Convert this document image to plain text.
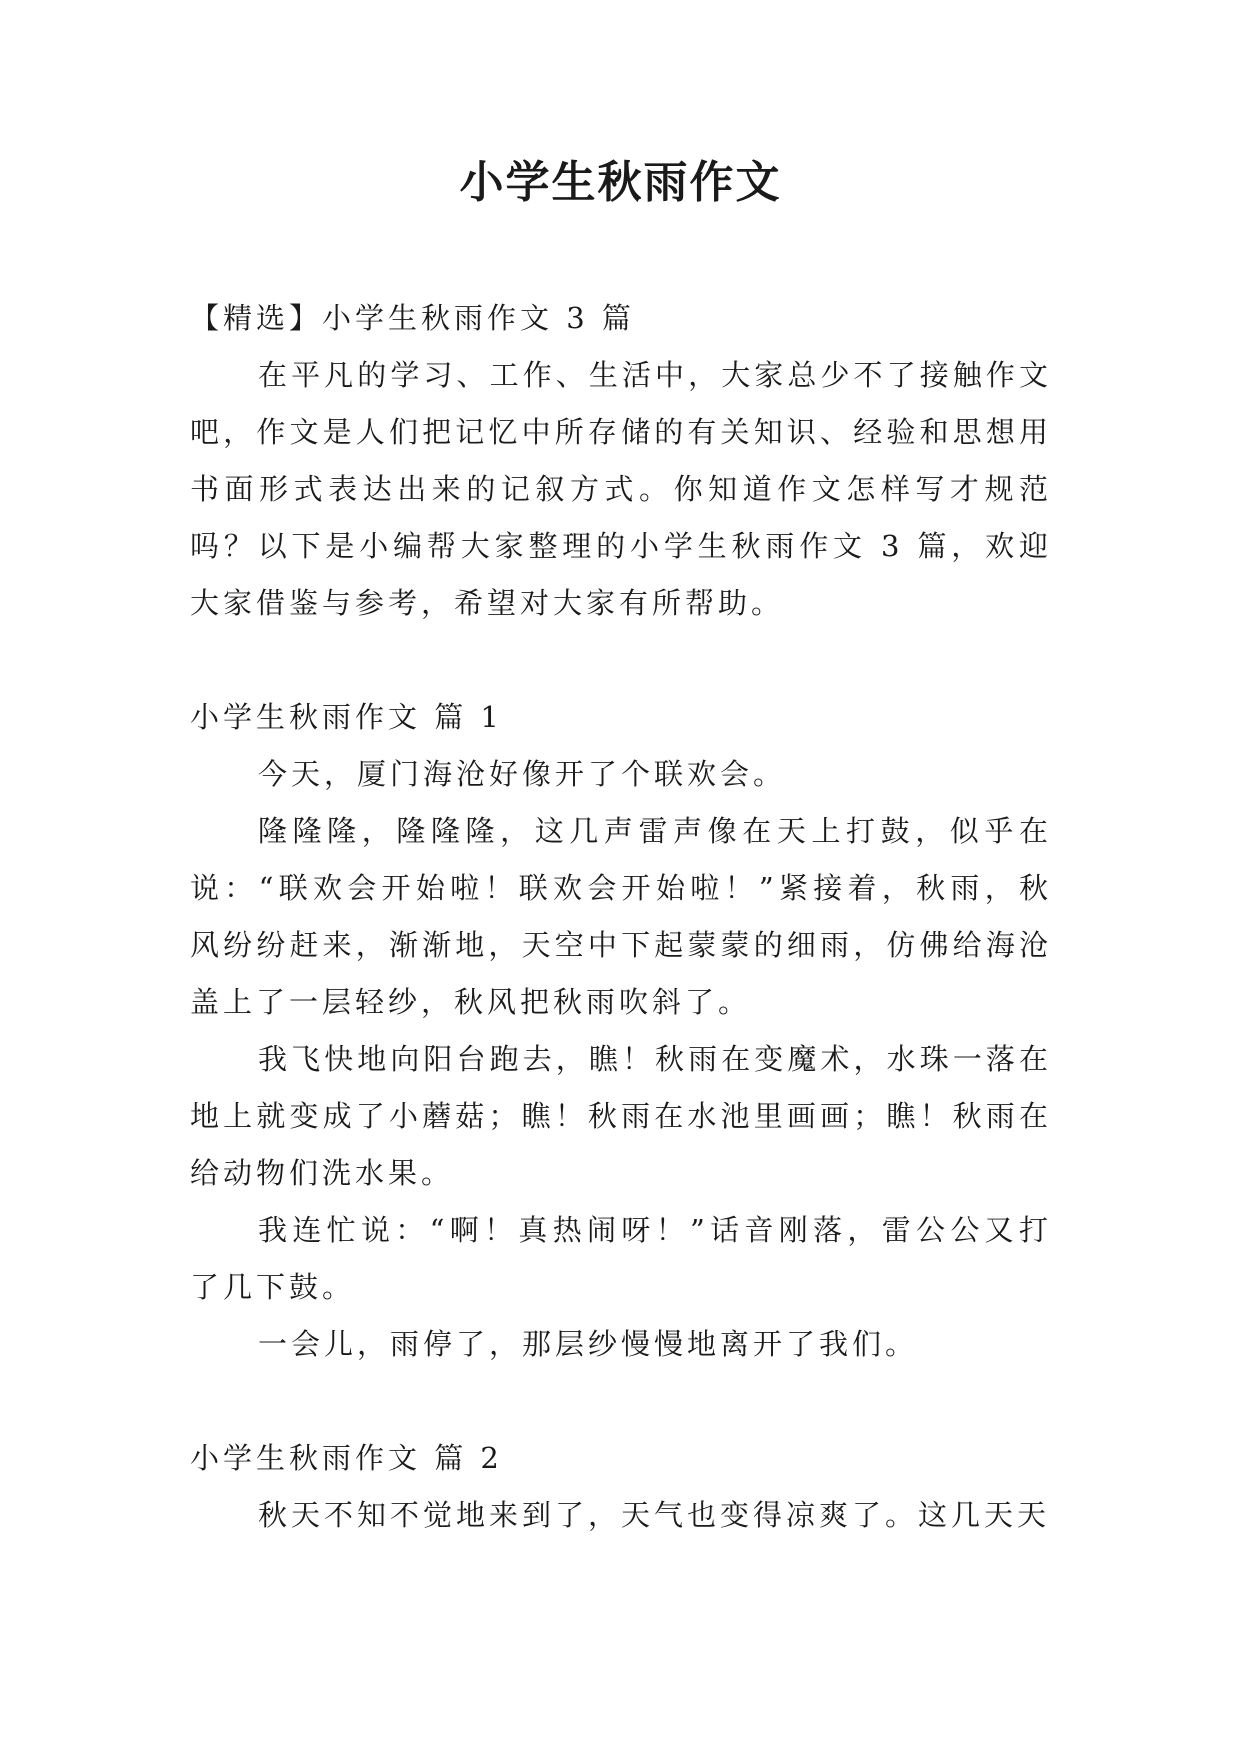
小学生秋雨作文

【精选】小学生秋雨作文 3 篇

在平凡的学习、工作、生活中，大家总少不了接触作文吧，作文是人们把记忆中所存储的有关知识、经验和思想用书面形式表达出来的记叙方式。你知道作文怎样写才规范吗？以下是小编帮大家整理的小学生秋雨作文 3 篇，欢迎大家借鉴与参考，希望对大家有所帮助。

小学生秋雨作文 篇 1

今天，厦门海沧好像开了个联欢会。

隆隆隆，隆隆隆，这几声雷声像在天上打鼓，似乎在说：“联欢会开始啦！联欢会开始啦！”紧接着，秋雨，秋风纷纷赶来，渐渐地，天空中下起蒙蒙的细雨，仿佛给海沧盖上了一层轻纱，秋风把秋雨吹斜了。

我飞快地向阳台跑去，瞧！秋雨在变魔术，水珠一落在地上就变成了小蘑菇；瞧！秋雨在水池里画画；瞧！秋雨在给动物们洗水果。

我连忙说：“啊！真热闹呀！”话音刚落，雷公公又打了几下鼓。

一会儿，雨停了，那层纱慢慢地离开了我们。

小学生秋雨作文 篇 2

秋天不知不觉地来到了，天气也变得凉爽了。这几天天
